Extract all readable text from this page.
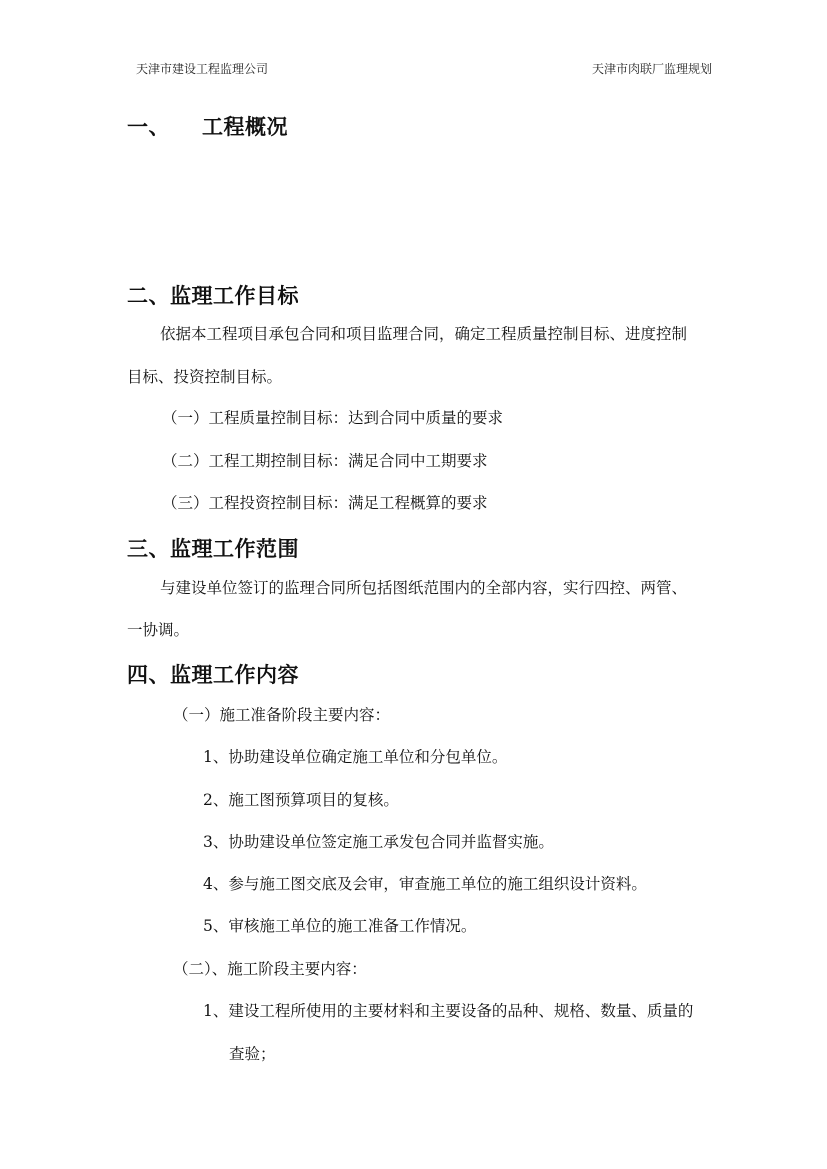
天津市建设工程监理公司	天津市肉联厂监理规划
一、 工程概况
二、监理工作目标
依据本工程项目承包合同和项目监理合同，确定工程质量控制目标、进度控制
目标、投资控制目标。
（一）工程质量控制目标：达到合同中质量的要求
（二）工程工期控制目标：满足合同中工期要求
（三）工程投资控制目标：满足工程概算的要求
三、监理工作范围
与建设单位签订的监理合同所包括图纸范围内的全部内容，实行四控、两管、
一协调。
四、监理工作内容
（一）施工准备阶段主要内容：
1、协助建设单位确定施工单位和分包单位。
2、施工图预算项目的复核。
3、协助建设单位签定施工承发包合同并监督实施。
4、参与施工图交底及会审，审查施工单位的施工组织设计资料。
5、审核施工单位的施工准备工作情况。
（二）、施工阶段主要内容：
1、建设工程所使用的主要材料和主要设备的品种、规格、数量、质量的
查验；
